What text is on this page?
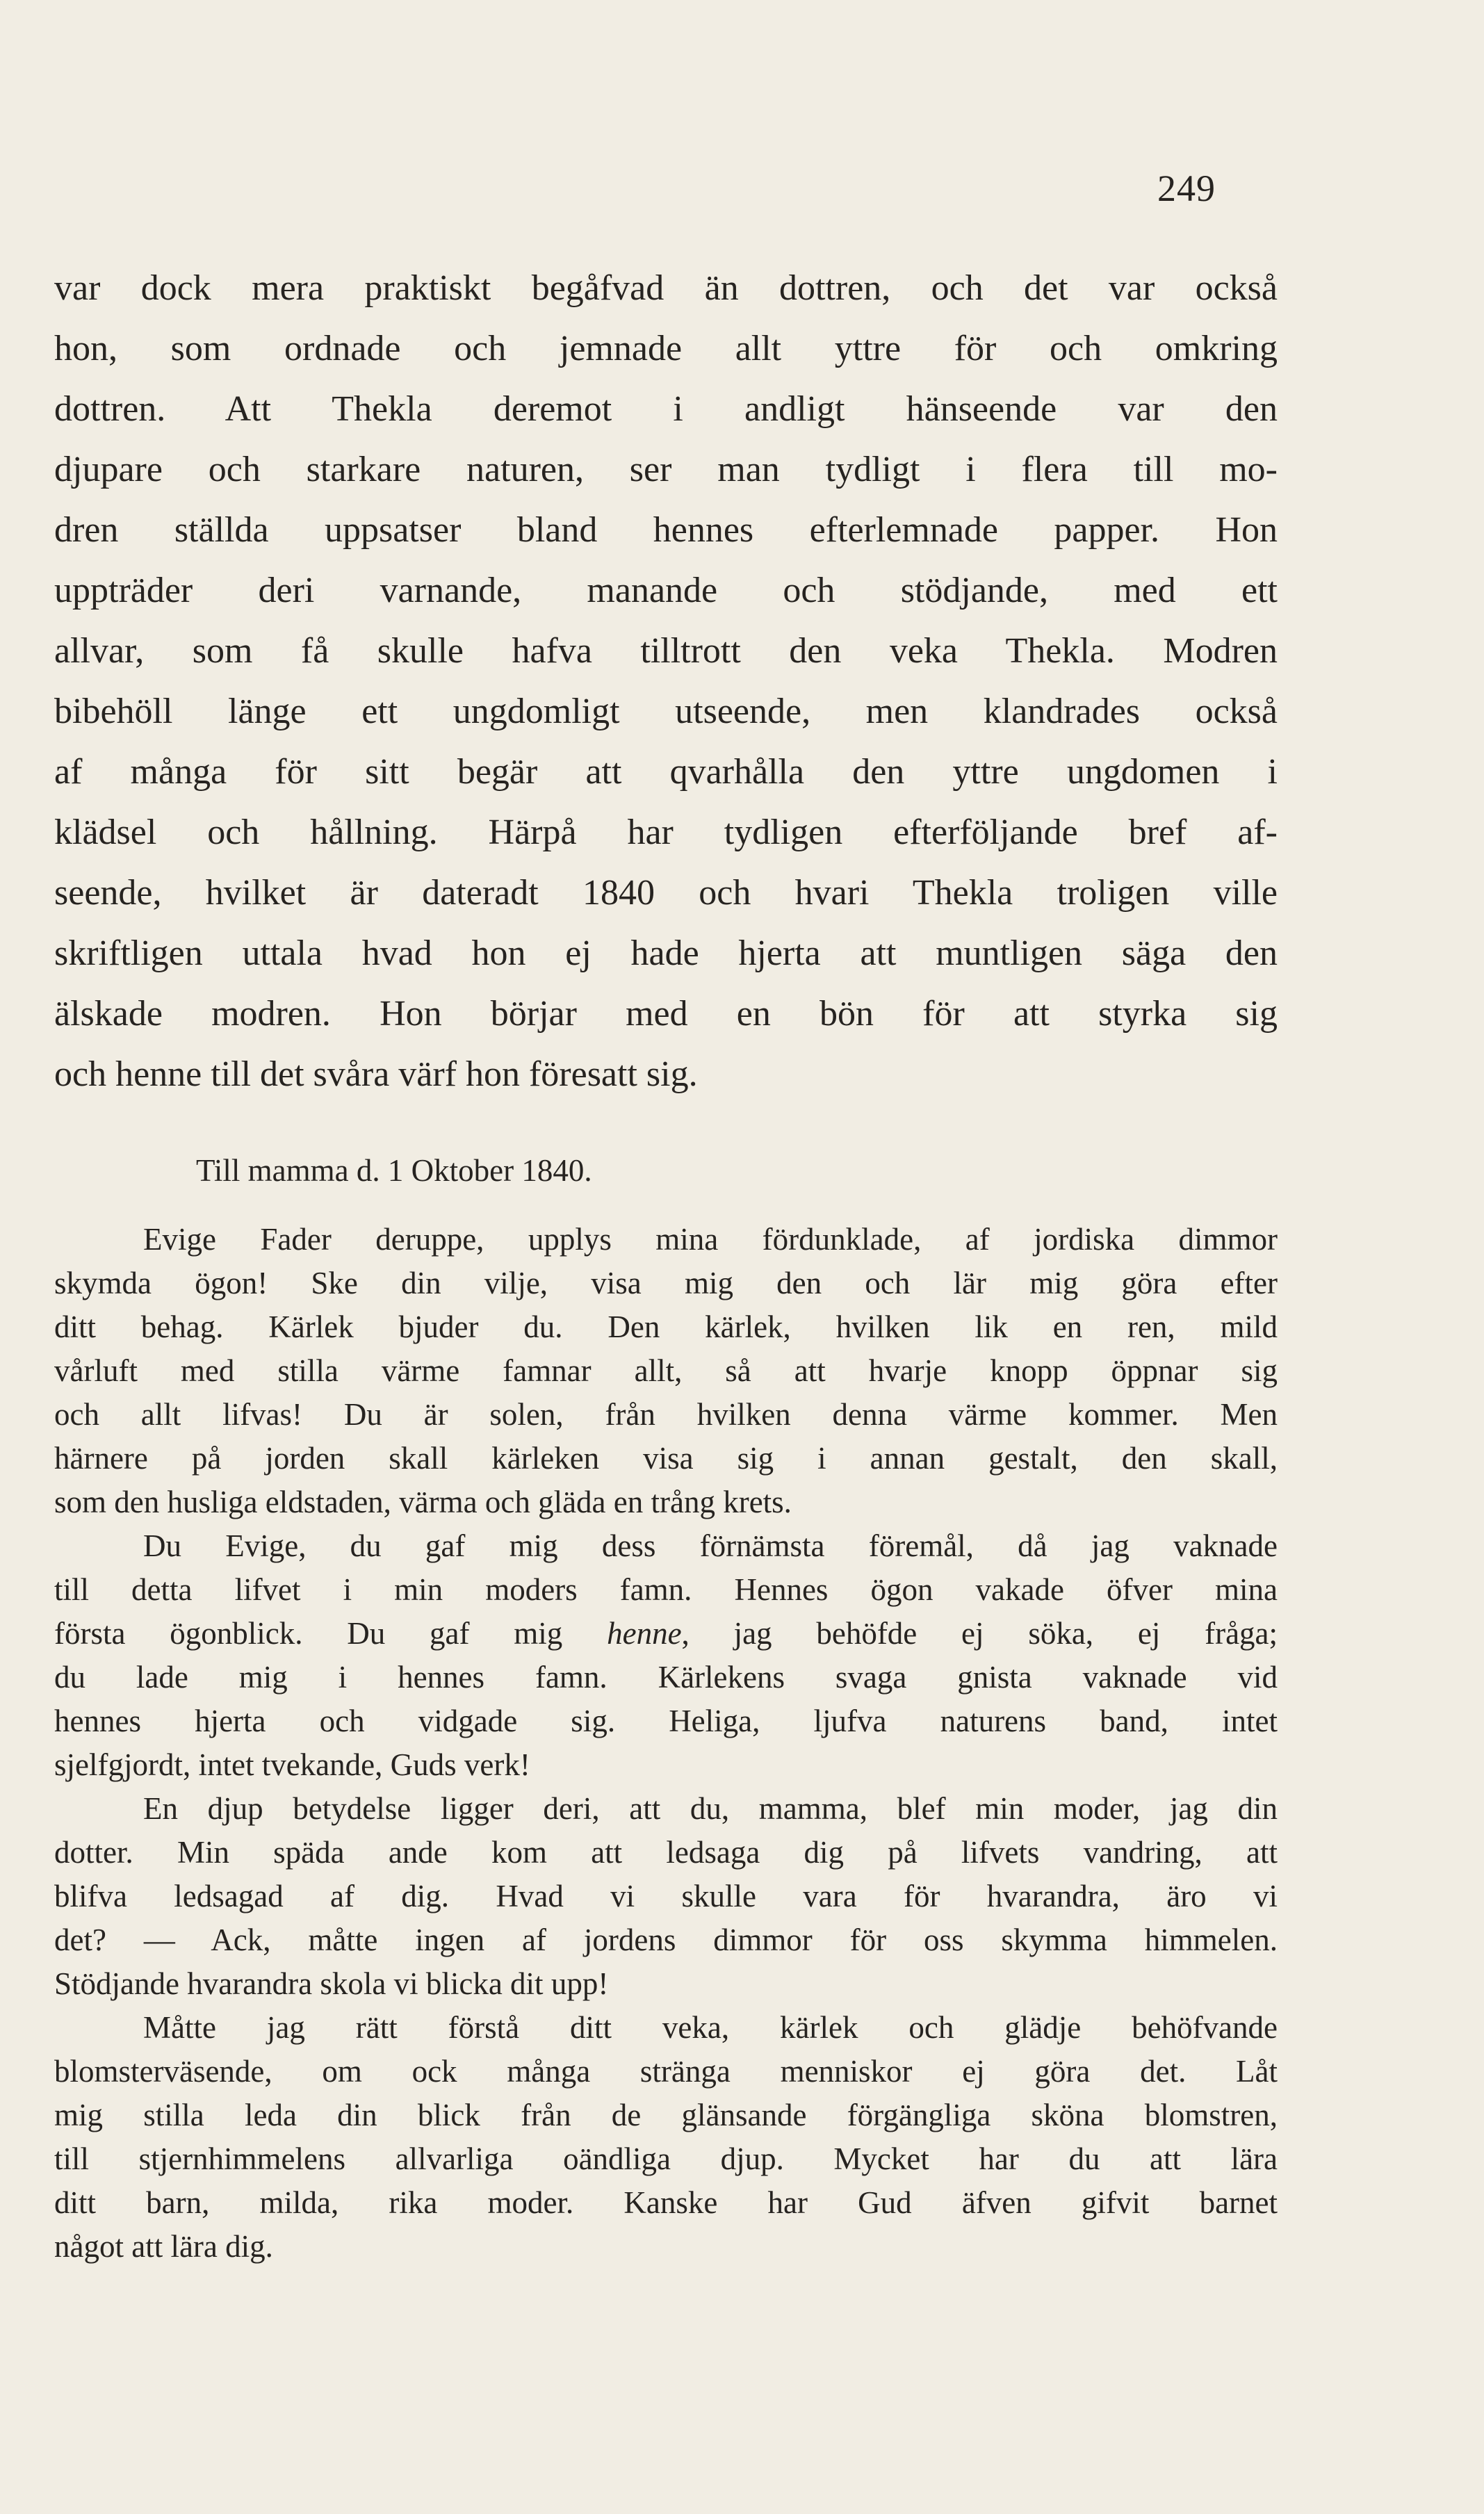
249
var dock mera praktiskt begåfvad än dottren, och det var också
hon, som ordnade och jemnade allt yttre för och omkring
dottren. Att Thekla deremot i andligt hänseende var den
djupare och starkare naturen, ser man tydligt i flera till mo-
dren ställda uppsatser bland hennes efterlemnade papper. Hon
uppträder deri varnande, manande och stödjande, med ett
allvar, som få skulle hafva tilltrott den veka Thekla. Modren
bibehöll länge ett ungdomligt utseende, men klandrades också
af många för sitt begär att qvarhålla den yttre ungdomen i
klädsel och hållning. Härpå har tydligen efterföljande bref af-
seende, hvilket är dateradt 1840 och hvari Thekla troligen ville
skriftligen uttala hvad hon ej hade hjerta att muntligen säga den
älskade modren. Hon börjar med en bön för att styrka sig
och henne till det svåra värf hon föresatt sig.
Till mamma d. 1 Oktober 1840.
Evige Fader deruppe, upplys mina fördunklade, af jordiska dimmor
skymda ögon! Ske din vilje, visa mig den och lär mig göra efter
ditt behag. Kärlek bjuder du. Den kärlek, hvilken lik en ren, mild
vårluft med stilla värme famnar allt, så att hvarje knopp öppnar sig
och allt lifvas! Du är solen, från hvilken denna värme kommer. Men
härnere på jorden skall kärleken visa sig i annan gestalt, den skall,
som den husliga eldstaden, värma och gläda en trång krets.
Du Evige, du gaf mig dess förnämsta föremål, då jag vaknade
till detta lifvet i min moders famn. Hennes ögon vakade öfver mina
första ögonblick. Du gaf mig henne, jag behöfde ej söka, ej fråga;
du lade mig i hennes famn. Kärlekens svaga gnista vaknade vid
hennes hjerta och vidgade sig. Heliga, ljufva naturens band, intet
sjelfgjordt, intet tvekande, Guds verk!
En djup betydelse ligger deri, att du, mamma, blef min moder, jag din
dotter. Min späda ande kom att ledsaga dig på lifvets vandring, att
blifva ledsagad af dig. Hvad vi skulle vara för hvarandra, äro vi
det? — Ack, måtte ingen af jordens dimmor för oss skymma himmelen.
Stödjande hvarandra skola vi blicka dit upp!
Måtte jag rätt förstå ditt veka, kärlek och glädje behöfvande
blomsterväsende, om ock många stränga menniskor ej göra det. Låt
mig stilla leda din blick från de glänsande förgängliga sköna blomstren,
till stjernhimmelens allvarliga oändliga djup. Mycket har du att lära
ditt barn, milda, rika moder. Kanske har Gud äfven gifvit barnet
något att lära dig.
